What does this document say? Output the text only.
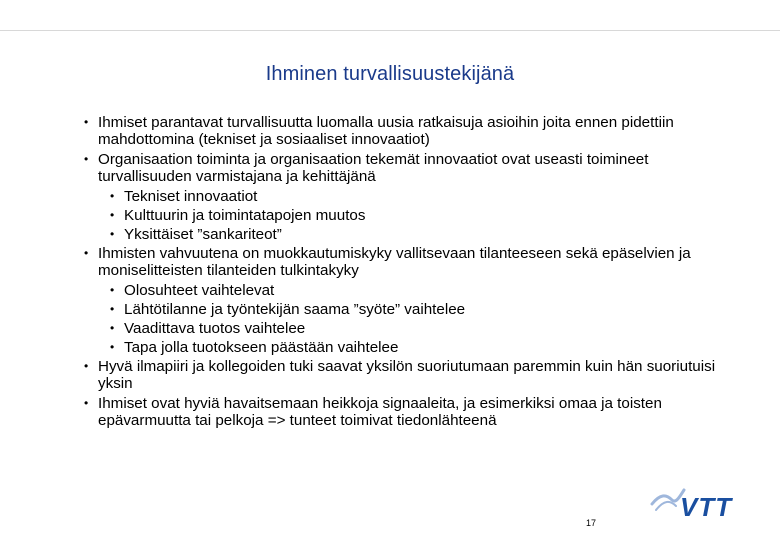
Ihminen turvallisuustekijänä
• Ihmiset parantavat turvallisuutta luomalla uusia ratkaisuja asioihin joita ennen pidettiin mahdottomina (tekniset ja sosiaaliset innovaatiot)
• Organisaation toiminta ja organisaation tekemät innovaatiot ovat useasti toimineet turvallisuuden varmistajana ja kehittäjänä
• Tekniset innovaatiot
• Kulttuurin ja toimintatapojen muutos
• Yksittäiset ”sankariteot”
• Ihmisten vahvuutena on muokkautumiskyky vallitsevaan tilanteeseen sekä epäselvien ja moniselitteisten tilanteiden tulkintakyky
• Olosuhteet vaihtelevat
• Lähtötilanne ja työntekijän saama ”syöte” vaihtelee
• Vaadittava tuotos vaihtelee
• Tapa jolla tuotokseen päästään vaihtelee
• Hyvä ilmapiiri ja kollegoiden tuki saavat yksilön suoriutumaan paremmin kuin hän suoriutuisi yksin
• Ihmiset ovat hyviä havaitsemaan heikkoja signaaleita, ja esimerkiksi omaa ja toisten epävarmuutta tai pelkoja => tunteet toimivat tiedonlähteenä
17
VTT
